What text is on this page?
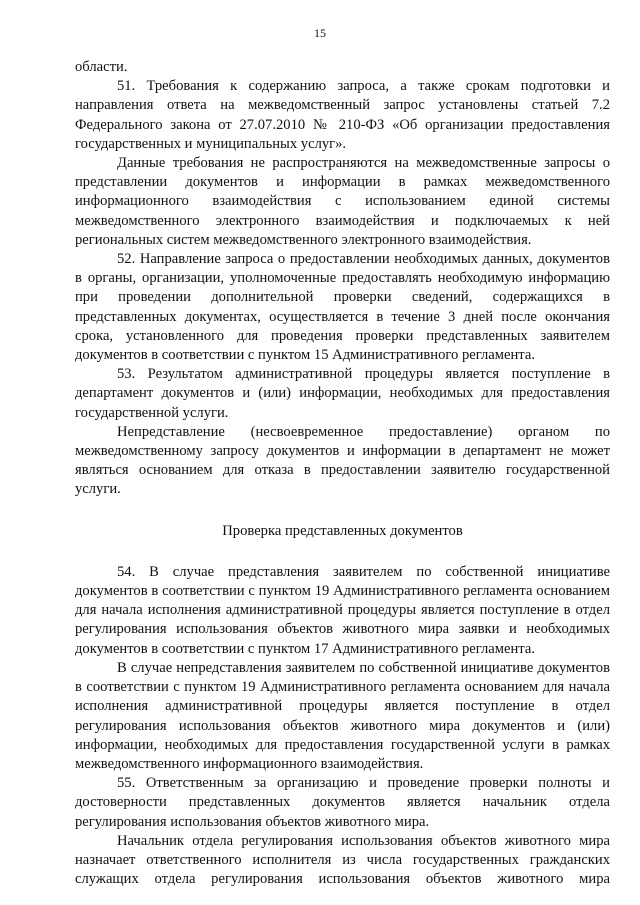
15

области.

51. Требования к содержанию запроса, а также срокам подготовки и направления ответа на межведомственный запрос установлены статьей 7.2 Федерального закона от 27.07.2010 № 210-ФЗ «Об организации предоставления государственных и муниципальных услуг».

Данные требования не распространяются на межведомственные запросы о представлении документов и информации в рамках межведомственного информационного взаимодействия с использованием единой системы межведомственного электронного взаимодействия и подключаемых к ней региональных систем межведомственного электронного взаимодействия.

52. Направление запроса о предоставлении необходимых данных, документов в органы, организации, уполномоченные предоставлять необходимую информацию при проведении дополнительной проверки сведений, содержащихся в представленных документах, осуществляется в течение 3 дней после окончания срока, установленного для проведения проверки представленных заявителем документов в соответствии с пунктом 15 Административного регламента.

53. Результатом административной процедуры является поступление в департамент документов и (или) информации, необходимых для предоставления государственной услуги.

Непредставление (несвоевременное предоставление) органом по межведомственному запросу документов и информации в департамент не может являться основанием для отказа в предоставлении заявителю государственной услуги.

Проверка представленных документов

54. В случае представления заявителем по собственной инициативе документов в соответствии с пунктом 19 Административного регламента основанием для начала исполнения административной процедуры является поступление в отдел регулирования использования объектов животного мира заявки и необходимых документов в соответствии с пунктом 17 Административного регламента.

В случае непредставления заявителем по собственной инициативе документов в соответствии с пунктом 19 Административного регламента основанием для начала исполнения административной процедуры является поступление в отдел регулирования использования объектов животного мира документов и (или) информации, необходимых для предоставления государственной услуги в рамках межведомственного информационного взаимодействия.

55. Ответственным за организацию и проведение проверки полноты и достоверности представленных документов является начальник отдела регулирования использования объектов животного мира.

Начальник отдела регулирования использования объектов животного мира назначает ответственного исполнителя из числа государственных гражданских служащих отдела регулирования использования объектов животного мира
